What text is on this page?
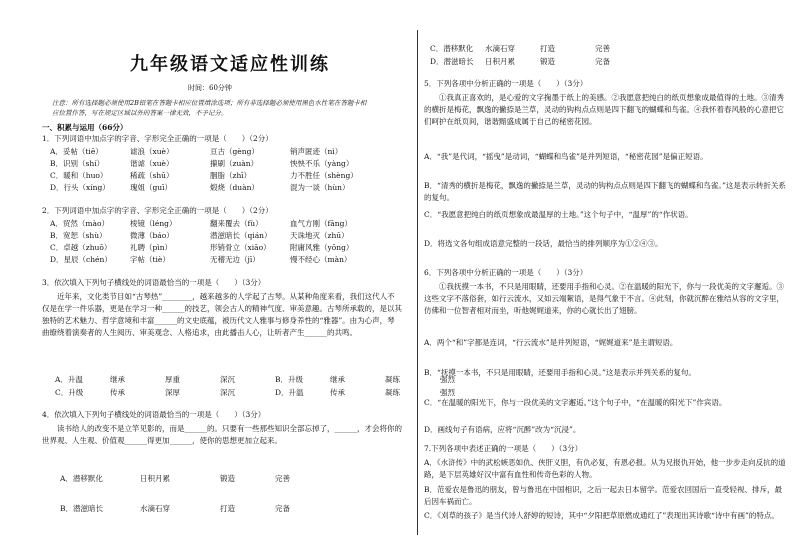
九年级语文适应性训练
时间：60分钟
注意：所有选择题必须使用2B铅笔在答题卡相应位置填涂选项；所有非选择题必须使用黑色水性笔在答题卡相应位置作答，写在规定区域以外的答案一律无效，不予记分。
一、积累与运用（66分）
1．下列词语中加点字的字音、字形完全正确的一项是（　　）（2分）
A．妥帖（tiē）	谑浪（xuè）	亘古（gèng）	销声匿迹（nì）
B．识别（shí）	谐谑（xuè）	攥刷（zuàn）	怏怏不乐（yàng）
C．暖和（huo）	稀疏（shū）	胭脂（zhī）	力不胜任（shèng）
D．行头（xíng）	瑰姐（guī）	煅烧（duàn）	混为一谈（hùn）
2．下列词语中加点字的字音、字形完全正确的一项是（　　）（2分）
A．贸然（mào）	棱镜（léng）	翻来覆去（fù）	血气方刚（fāng）
B．宽恕（shù）	微薄（báo）	潜滋暗长（qián） 天诛地灭（zhū）
C．卓越（zhuō） 礼聘（pìn）	形销骨立（xiāo）	附庸风雅（yōng）
D．星辰（chén） 字帖（tiè）	无稽无边（jī）	慢不经心（màn）
3．依次填入下列句子横线处的词语最恰当的一项是（　　）（3分）
　　近年来，文化类节目如“古琴热”________，越来越多的人学起了古琴。从某种角度来看，我们这代人不仅是在学一件乐器，更是在学习一种______的技艺，领会古人的精神气度、审美意趣。古琴所承载的，是以其独特的艺术魅力、哲学意境和丰富______的文史底蕴，被历代文人雅事与修身养性的“雅器”。由为心声，琴曲缭绕着演奏者的人生阅历、审美观念、人格追求，由此播击人心，让听者产生______的共鸣。
A．升温	继承	厚重	深沉	B．升级	继承	凝练	强烈
C．升级	传承	深厚	深沉	D．升温	传承	凝练	强烈
4．依次填入下列句子横线处的词语最恰当的一项是（　　）（3分）
　　读书给人的改变不是立竿见影的，而是______的。只要有一些那些知识全部忘掉了，______，才会将你的世界观、人生观、价值观______得更加______，使你的思想更加立起来。
A．潜移默化	日积月累	锻造	完善
B．潜滋暗长	水滴石穿	打造	完备
C．潜移默化 水滴石穿	打造	完善
D．潜滋暗长 日积月累	锻造	完备
5．下列各项中分析正确的一项是（　　）（3分）
　　①我真正喜欢的，是心爱的文字掬墨于纸上的美感。②我愿意把纯白的纸页想象成最值得的土地。③清秀的横折是梅花，飘逸的撇捺是兰草，灵动的钩构点点则是四下翻飞的蝴蝶和鸟雀。④我怀着春风般的心意把它们呵护在纸页间，谐谐黯盛成属于自己的秘密花园。
A．“我”是代词，“摇曳”是动词，“蝴蝶和鸟雀”是并列短语，“秘密花园”是偏正短语。
B．“清秀的横折是梅花，飘逸的撇捺是兰草，灵动的钩构点点则是四下翻飞的蝴蝶和鸟雀。”这是表示转折关系的复句。
C．“我愿意把纯白的纸页想象成最温厚的土地。”这个句子中，“温厚”的“作状语。
D．将选文各句组成语意完整的一段话，最恰当的排列顺序为①②④③。
6．下列各项中分析正确的一项是（　　）（3分）
　　①我抚摸一本书，不只是用眼睛，还要用手指和心灵。②在温暖的阳光下，你与一段优美的文字邂逅。③这些文字不落俗套，如行云流水，又如云端絮语，是得气象于不言。④此刻，你就沉醉在雅结从容的文字里，仿佛和一位智者相对而坐，听他娓娓道来，你的心就长出了翅膀。
A．两个“和”字都是连词，“行云流水”是并列短语，“娓娓道来”是主谓短语。
B．“抚摸一本书，不只是用眼睛，还要用手指和心灵。”这是表示并列关系的复句。
C．“在温暖的阳光下，你与一段优美的文字邂逅。”这个句子中，“在温暖的阳光下”作宾语。
D．画线句子有语病，应将“沉醉”改为“沉浸”。
7.下列各项中表述正确的一项是（　　）（3分）
A．《水浒传》中的武松嫉恶如仇、侠肝义胆，有仇必复，有恩必报。从为兄报仇开始，他一步步走向反抗的道路，是下层英雄好汉中富有血性和传奇色彩的人物。
B．范爱农是鲁迅的朋友，曾与鲁迅在中国相识，之后一起去日本留学。范爱农回国后一直受轻视、排斥，最后因车祸而亡。
C．《刈草的孩子》是当代诗人舒婷的短诗，其中“夕阳把草原燃成通红了”表现出其诗歌“诗中有画”的特点。
